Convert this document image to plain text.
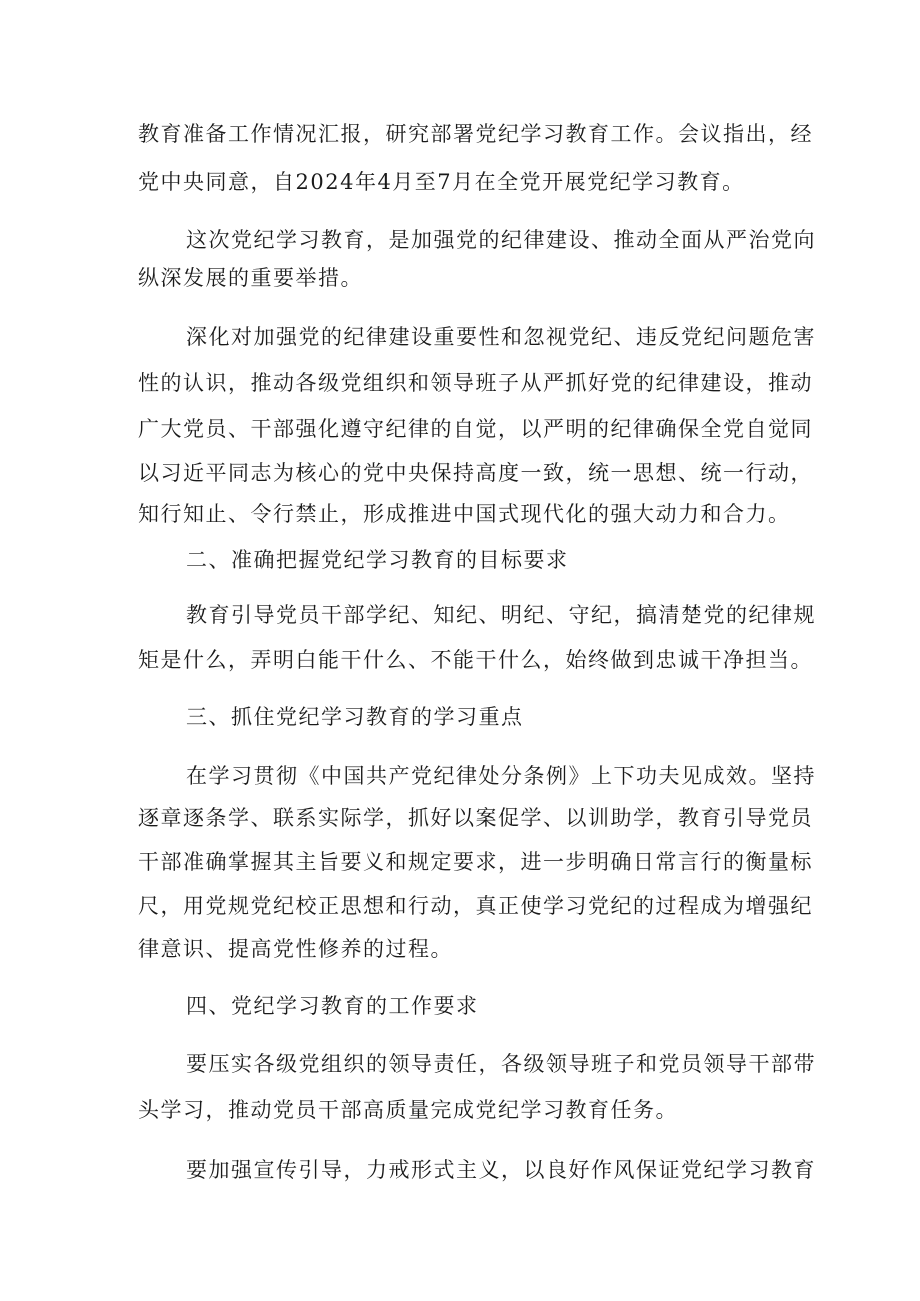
教育准备工作情况汇报，研究部署党纪学习教育工作。会议指出，经
党中央同意，自2024年4月至7月在全党开展党纪学习教育。
这次党纪学习教育，是加强党的纪律建设、推动全面从严治党向
纵深发展的重要举措。
深化对加强党的纪律建设重要性和忽视党纪、违反党纪问题危害
性的认识，推动各级党组织和领导班子从严抓好党的纪律建设，推动
广大党员、干部强化遵守纪律的自觉，以严明的纪律确保全党自觉同
以习近平同志为核心的党中央保持高度一致，统一思想、统一行动，
知行知止、令行禁止，形成推进中国式现代化的强大动力和合力。
二、准确把握党纪学习教育的目标要求
教育引导党员干部学纪、知纪、明纪、守纪，搞清楚党的纪律规
矩是什么，弄明白能干什么、不能干什么，始终做到忠诚干净担当。
三、抓住党纪学习教育的学习重点
在学习贯彻《中国共产党纪律处分条例》上下功夫见成效。坚持
逐章逐条学、联系实际学，抓好以案促学、以训助学，教育引导党员
干部准确掌握其主旨要义和规定要求，进一步明确日常言行的衡量标
尺，用党规党纪校正思想和行动，真正使学习党纪的过程成为增强纪
律意识、提高党性修养的过程。
四、党纪学习教育的工作要求
要压实各级党组织的领导责任，各级领导班子和党员领导干部带
头学习，推动党员干部高质量完成党纪学习教育任务。
要加强宣传引导，力戒形式主义，以良好作风保证党纪学习教育
